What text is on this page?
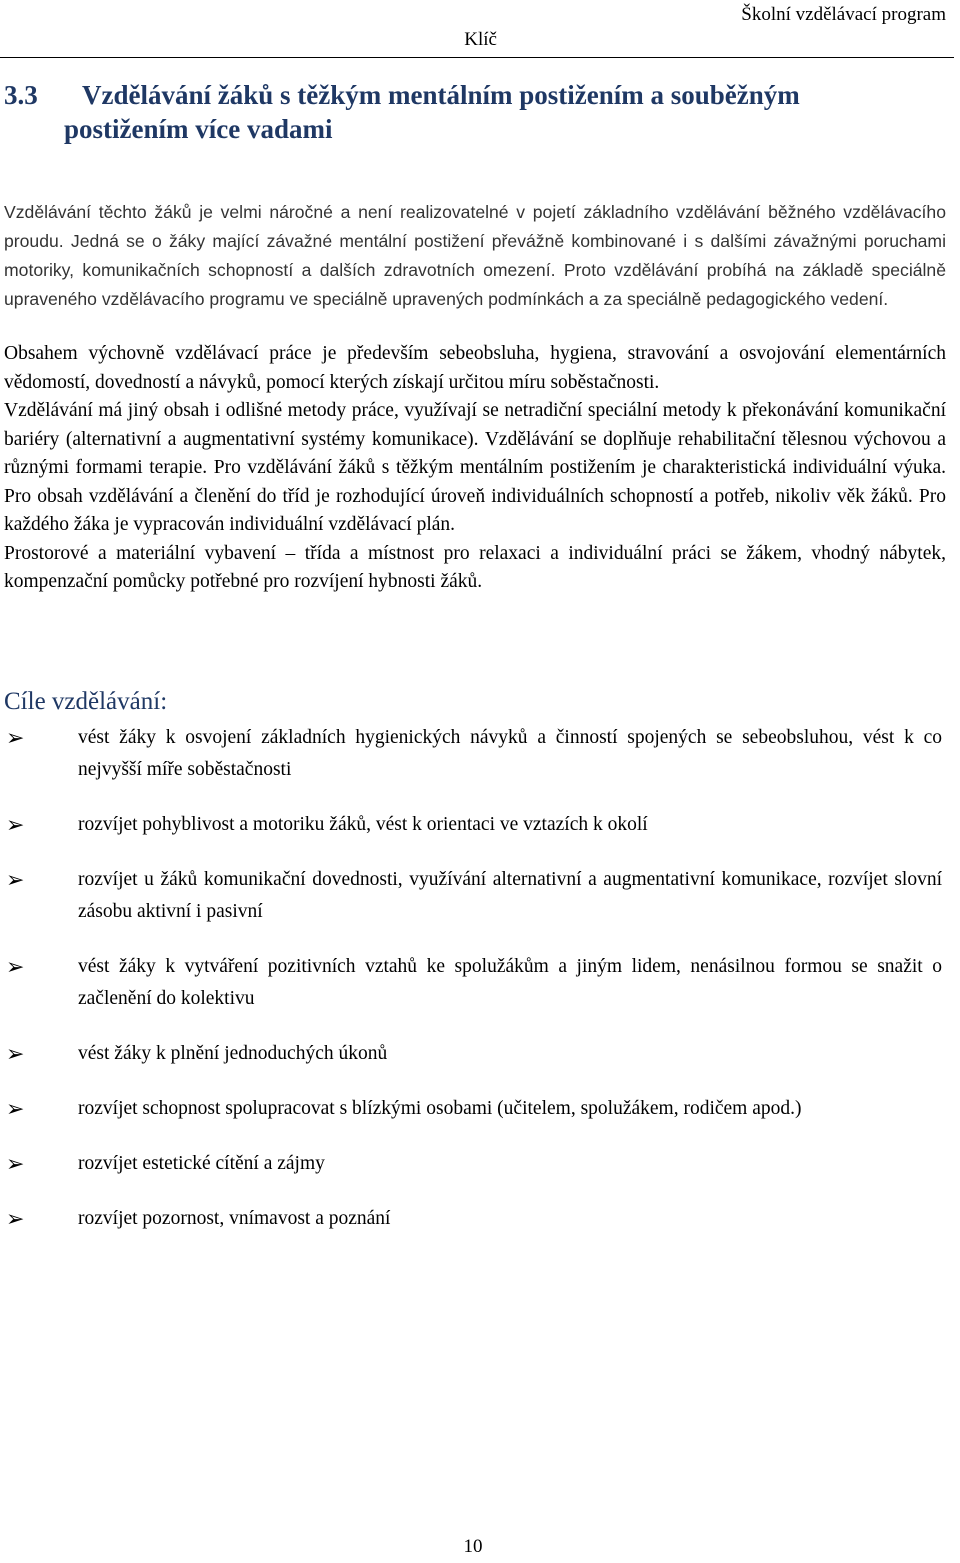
Školní vzdělávací program
Klíč
3.3 Vzdělávání žáků s těžkým mentálním postižením a souběžným
postižením více vadami
Vzdělávání těchto žáků je velmi náročné a není realizovatelné v pojetí základního vzdělávání běžného vzdělávacího proudu. Jedná se o žáky mající závažné mentální postižení převážně kombinované i s dalšími závažnými poruchami motoriky, komunikačních schopností a dalších zdravotních omezení. Proto vzdělávání probíhá na základě speciálně upraveného vzdělávacího programu ve speciálně upravených podmínkách a za speciálně pedagogického vedení.

Obsahem výchovně vzdělávací práce je především sebeobsluha, hygiena, stravování a osvojování elementárních vědomostí, dovedností a návyků, pomocí kterých získají určitou míru soběstačnosti.

Vzdělávání má jiný obsah i odlišné metody práce, využívají se netradiční speciální metody k překonávání komunikační bariéry (alternativní a augmentativní systémy komunikace). Vzdělávání se doplňuje rehabilitační tělesnou výchovou a různými formami terapie. Pro vzdělávání žáků s těžkým mentálním postižením je charakteristická individuální výuka. Pro obsah vzdělávání a členění do tříd je rozhodující úroveň individuálních schopností a potřeb, nikoliv věk žáků. Pro každého žáka je vypracován individuální vzdělávací plán.

Prostorové a materiální vybavení – třída a místnost pro relaxaci a individuální práci se žákem, vhodný nábytek, kompenzační pomůcky potřebné pro rozvíjení hybnosti žáků.

Cíle vzdělávání:
➢	vést žáky k osvojení základních hygienických návyků a činností spojených se sebeobsluhou, vést k co nejvyšší míře soběstačnosti
➢	rozvíjet pohyblivost a motoriku žáků, vést k orientaci ve vztazích k okolí
➢	rozvíjet u žáků komunikační dovednosti, využívání alternativní a augmentativní komunikace, rozvíjet slovní zásobu aktivní i pasivní
➢	vést žáky k vytváření pozitivních vztahů ke spolužákům a jiným lidem, nenásilnou formou se snažit o začlenění do kolektivu
➢	vést žáky k plnění jednoduchých úkonů
➢	rozvíjet schopnost spolupracovat s blízkými osobami (učitelem, spolužákem, rodičem apod.)
➢	rozvíjet estetické cítění a zájmy
➢	rozvíjet pozornost, vnímavost a poznání
10
